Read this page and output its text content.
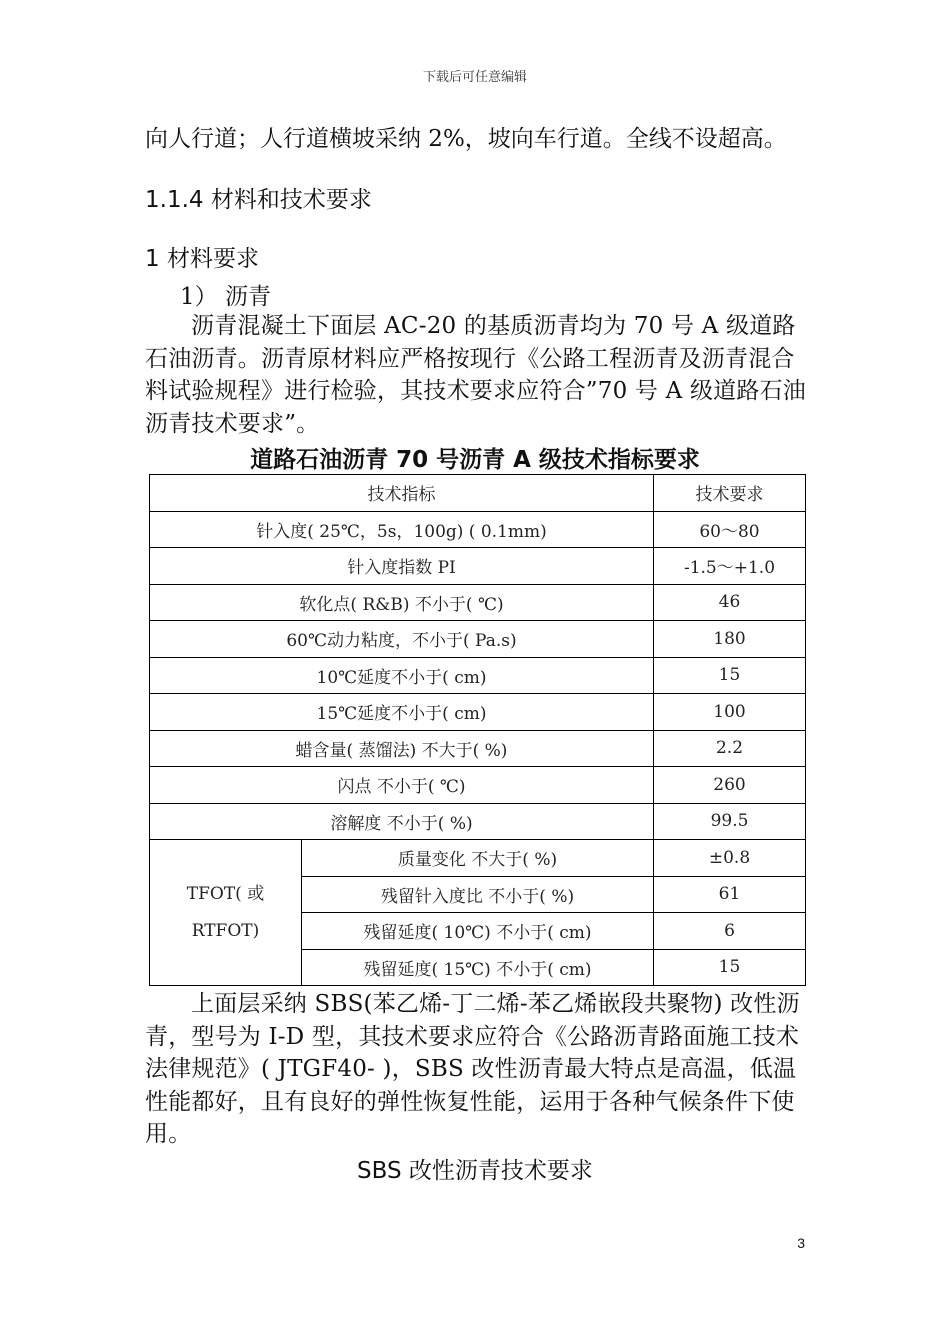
下载后可任意编辑
向人行道；人行道横坡采纳 2%，坡向车行道。全线不设超高。
1.1.4 材料和技术要求
1 材料要求
1） 沥青
沥青混凝土下面层 AC-20 的基质沥青均为 70 号 A 级道路石油沥青。沥青原材料应严格按现行《公路工程沥青及沥青混合料试验规程》进行检验，其技术要求应符合”70 号 A 级道路石油沥青技术要求”。
道路石油沥青 70 号沥青 A 级技术指标要求
技术指标		技术要求
针入度( 25℃，5s，100g) ( 0.1mm)		60～80
针入度指数 PI		-1.5～+1.0
软化点( R&B) 不小于( ℃)		46
60℃动力粘度，不小于( Pa.s)		180
10℃延度不小于( cm)		15
15℃延度不小于( cm)		100
蜡含量( 蒸馏法) 不大于( %)		2.2
闪点 不小于( ℃)		260
溶解度 不小于( %)		99.5
TFOT( 或
RTFOT)	质量变化 不大于( %)	±0.8
	残留针入度比 不小于( %)	61
	残留延度( 10℃) 不小于( cm)	6
	残留延度( 15℃) 不小于( cm)	15
上面层采纳 SBS(苯乙烯-丁二烯-苯乙烯嵌段共聚物) 改性沥青，型号为 I-D 型，其技术要求应符合《公路沥青路面施工技术法律规范》( JTGF40- )，SBS 改性沥青最大特点是高温，低温性能都好，且有良好的弹性恢复性能，运用于各种气候条件下使用。
SBS 改性沥青技术要求
3
